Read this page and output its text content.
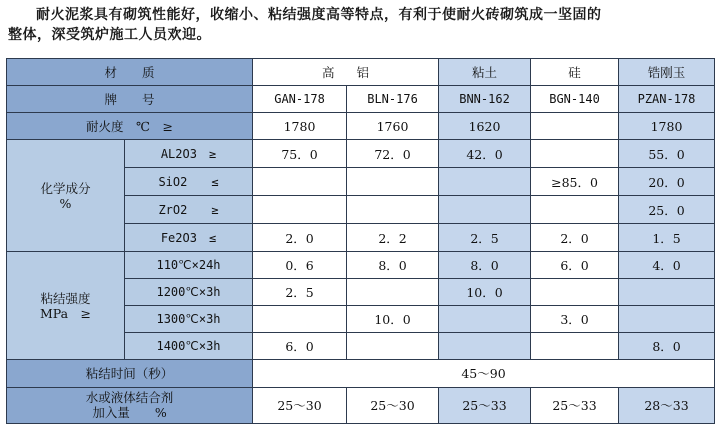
耐火泥浆具有砌筑性能好，收缩小、粘结强度高等特点，有利于使耐火砖砌筑成一坚固的
整体，深受筑炉施工人员欢迎。
材　　质		高铝		粘土	硅	锆刚玉
牌　　号		GAN-178	BLN-176	BNN-162	BGN-140	PZAN-178
耐火度　℃　≥		1780	1760	1620		1780

化学成分
%	AL2O3　≥	75．0	72．0	42．0		55．0
	SiO2　　≤				≥85．0	20．0
	ZrO2　　≥					25．0
	Fe2O3　≤	2．0	2．2	2．5	2．0	1．5

粘结强度
MPa　≥	110℃×24h	0．6	8．0	8．0	6．0	4．0
	1200℃×3h	2．5		10．0		
	1300℃×3h		10．0		3．0	
	1400℃×3h	6．0				8．0
粘结时间（秒）		45～90				

水或液体结合剂
加入量　　%		25～30	25～30	25～33	25～33	28～33
